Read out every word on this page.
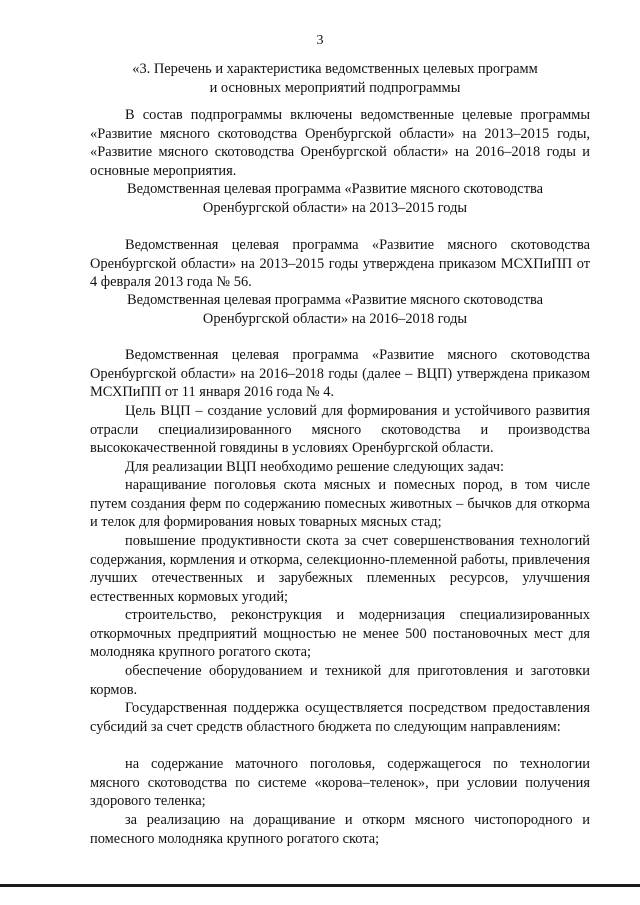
3
«3. Перечень и характеристика ведомственных целевых программ
и основных мероприятий подпрограммы

В состав подпрограммы включены ведомственные целевые программы «Развитие мясного скотоводства Оренбургской области» на 2013–2015 годы, «Развитие мясного скотоводства Оренбургской области» на 2016–2018 годы и основные мероприятия.

Ведомственная целевая программа «Развитие мясного скотоводства
Оренбургской области» на 2013–2015 годы

Ведомственная целевая программа «Развитие мясного скотоводства Оренбургской области» на 2013–2015 годы утверждена приказом МСХПиПП от 4 февраля 2013 года № 56.

Ведомственная целевая программа «Развитие мясного скотоводства
Оренбургской области» на 2016–2018 годы

Ведомственная целевая программа «Развитие мясного скотоводства Оренбургской области» на 2016–2018 годы (далее – ВЦП) утверждена приказом МСХПиПП от 11 января 2016 года № 4.

Цель ВЦП – создание условий для формирования и устойчивого развития отрасли специализированного мясного скотоводства и производства высококачественной говядины в условиях Оренбургской области.

Для реализации ВЦП необходимо решение следующих задач:

наращивание поголовья скота мясных и помесных пород, в том числе путем создания ферм по содержанию помесных животных – бычков для откорма и телок для формирования новых товарных мясных стад;

повышение продуктивности скота за счет совершенствования технологий содержания, кормления и откорма, селекционно-племенной работы, привлечения лучших отечественных и зарубежных племенных ресурсов, улучшения естественных кормовых угодий;

строительство, реконструкция и модернизация специализированных откормочных предприятий мощностью не менее 500 постановочных мест для молодняка крупного рогатого скота;

обеспечение оборудованием и техникой для приготовления и заготовки кормов.

Государственная поддержка осуществляется посредством предоставления субсидий за счет средств областного бюджета по следующим направлениям:

на содержание маточного поголовья, содержащегося по технологии мясного скотоводства по системе «корова–теленок», при условии получения здорового теленка;

за реализацию на доращивание и откорм мясного чистопородного и помесного молодняка крупного рогатого скота;
